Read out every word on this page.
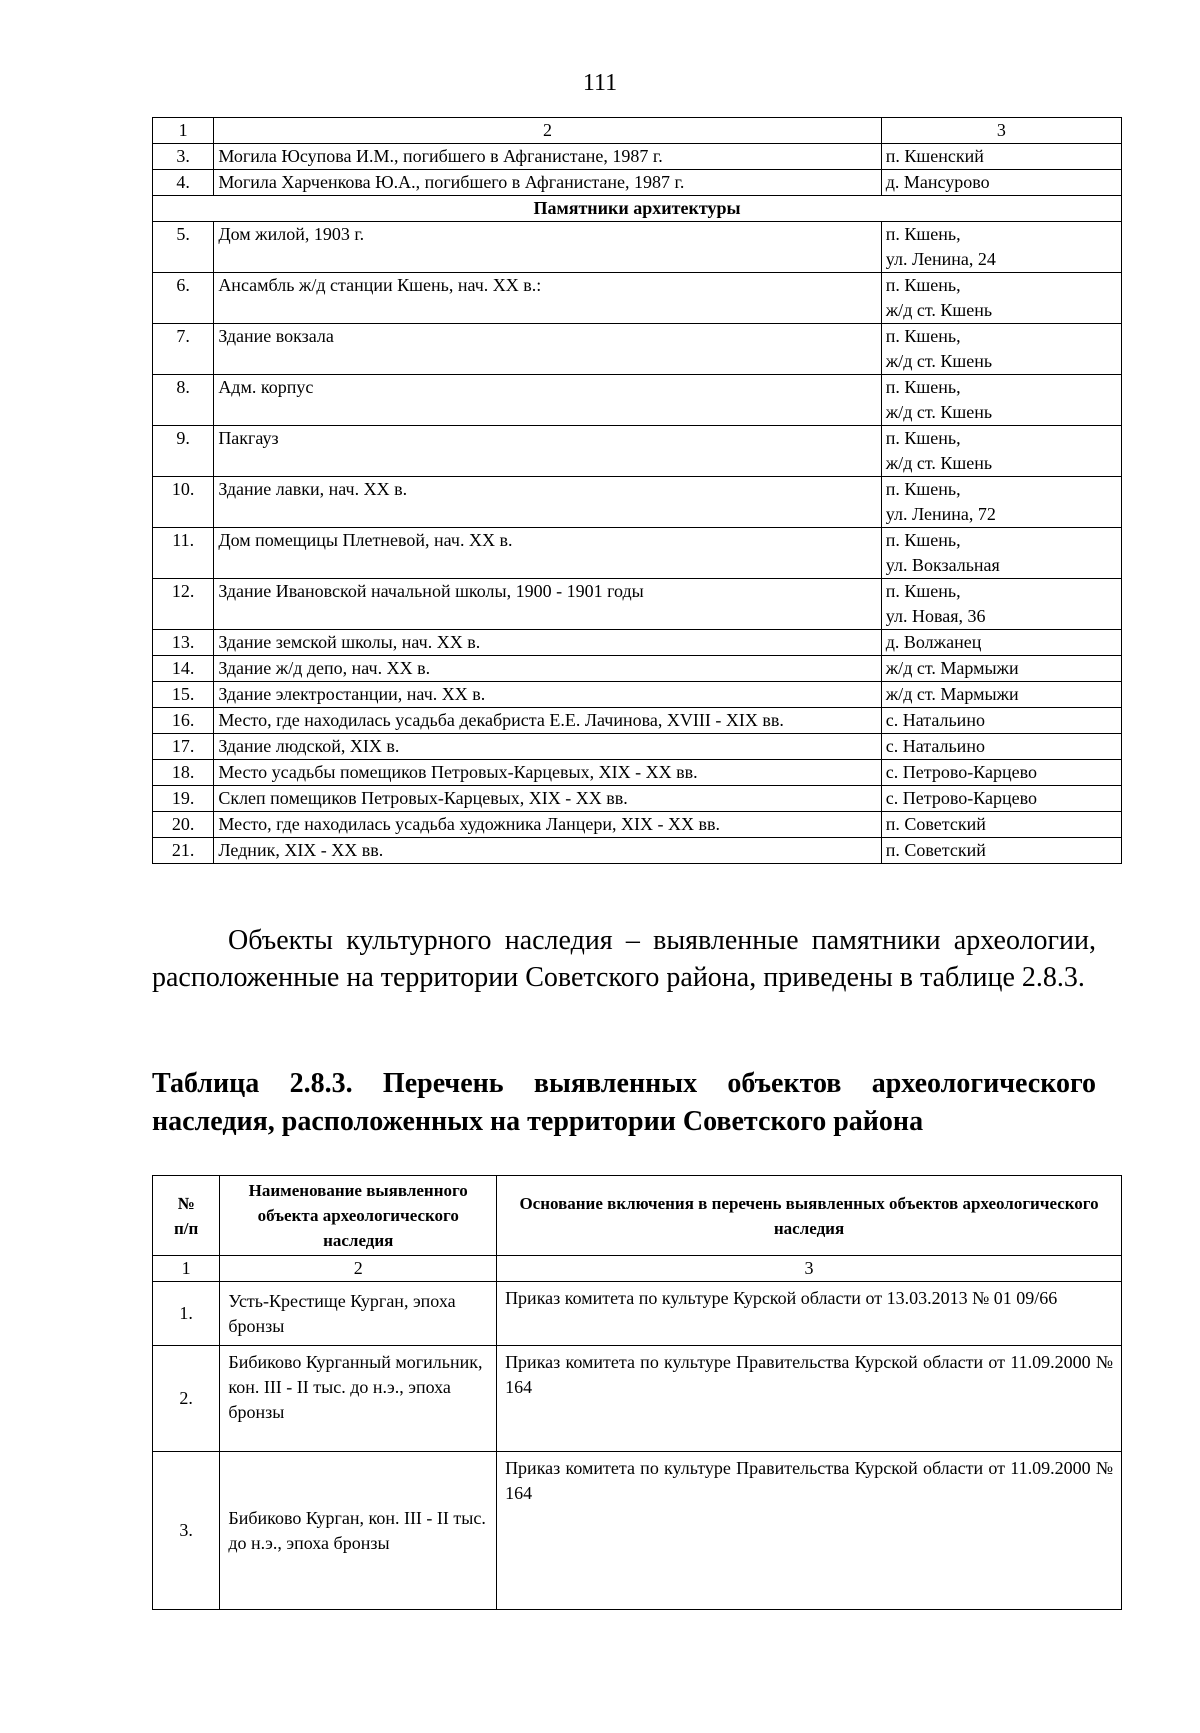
111
1	2	3
3.	Могила Юсупова И.М., погибшего в Афганистане, 1987 г.	п. Кшенский
4.	Могила Харченкова Ю.А., погибшего в Афганистане, 1987 г.	д. Мансурово
Памятники архитектуры		
5.	Дом жилой, 1903 г.	п. Кшень,
ул. Ленина, 24

6.	Ансамбль ж/д станции Кшень, нач. XX в.:	п. Кшень,
ж/д ст. Кшень

7.	Здание вокзала	п. Кшень,
ж/д ст. Кшень

8.	Адм. корпус	п. Кшень,
ж/д ст. Кшень

9.	Пакгауз	п. Кшень,
ж/д ст. Кшень

10.	Здание лавки, нач. XX в.	п. Кшень,
ул. Ленина, 72

11.	Дом помещицы Плетневой, нач. XX в.	п. Кшень,
ул. Вокзальная

12.	Здание Ивановской начальной школы, 1900 - 1901 годы	п. Кшень,
ул. Новая, 36

13.	Здание земской школы, нач. XX в.	д. Волжанец

14.	Здание ж/д депо, нач. XX в.	ж/д ст. Мармыжи

15.	Здание электростанции, нач. XX в.	ж/д ст. Мармыжи

16.	Место, где находилась усадьба декабриста Е.Е. Лачинова, XVIII - XIX вв.	с. Натальино

17.	Здание людской, XIX в.	с. Натальино

18.	Место усадьбы помещиков Петровых-Карцевых, XIX - XX вв.	с. Петрово-Карцево

19.	Склеп помещиков Петровых-Карцевых, XIX - XX вв.	с. Петрово-Карцево

20.	Место, где находилась усадьба художника Ланцери, XIX - XX вв.	п. Советский

21.	Ледник, XIX - XX вв.	п. Советский
Объекты культурного наследия – выявленные памятники археологии, расположенные на территории Советского района, приведены в таблице 2.8.3.
Таблица 2.8.3. Перечень выявленных объектов археологического наследия, расположенных на территории Советского района
№
п/п	Наименование выявленного объекта археологического наследия	Основание включения в перечень выявленных объектов археологического наследия
1	2	3
1.	Усть-Крестище Курган, эпоха бронзы	Приказ комитета по культуре Курской области от 13.03.2013 № 01 09/66
2.	Бибиково Курганный могильник, кон. III - II тыс. до н.э., эпоха бронзы	Приказ комитета по культуре Правительства Курской области от 11.09.2000 № 164
3.	Бибиково Курган, кон. III - II тыс. до н.э., эпоха бронзы	Приказ комитета по культуре Правительства Курской области от 11.09.2000 № 164
